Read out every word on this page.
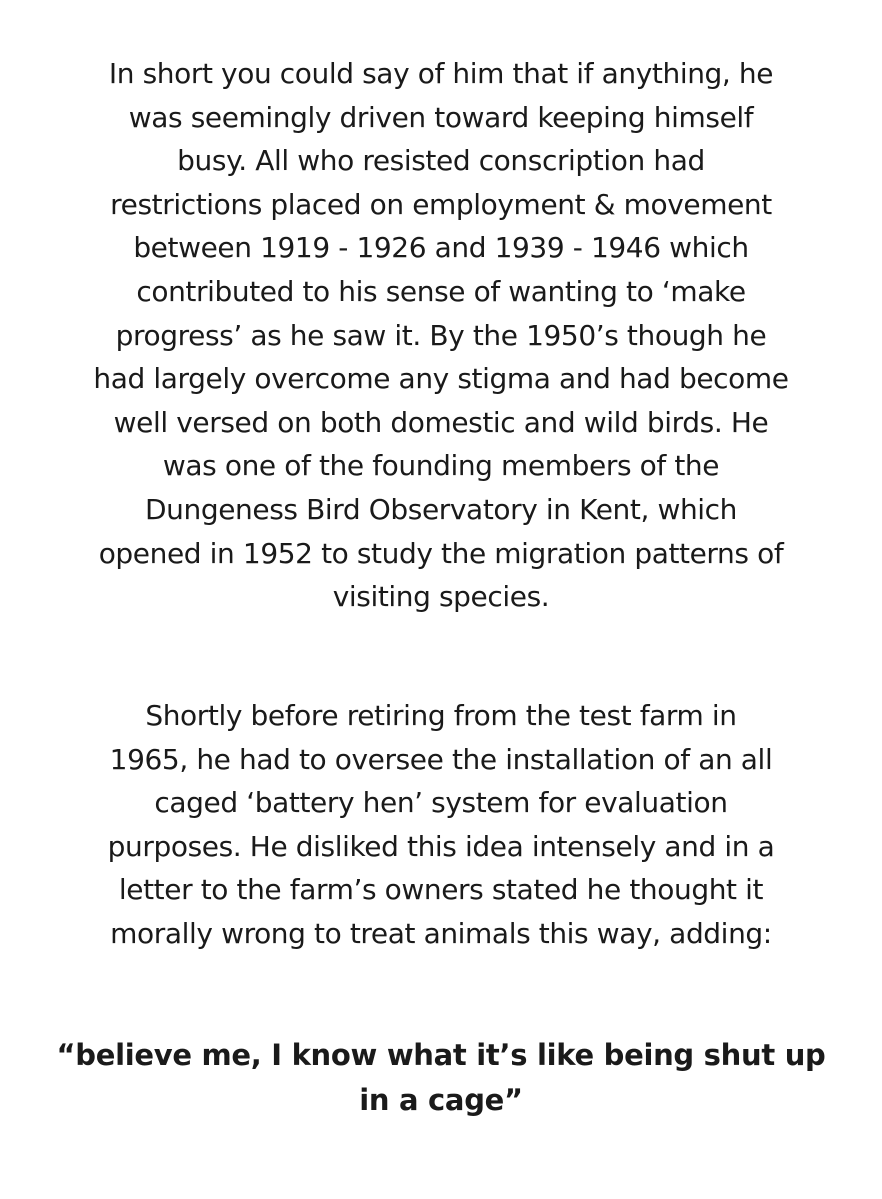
In short you could say of him that if anything, he
was seemingly driven toward keeping himself
busy. All who resisted conscription had
restrictions placed on employment & movement
between 1919 - 1926 and 1939 - 1946 which
contributed to his sense of wanting to ‘make
progress’ as he saw it. By the 1950’s though he
had largely overcome any stigma and had become
well versed on both domestic and wild birds. He
was one of the founding members of the
Dungeness Bird Observatory in Kent, which
opened in 1952 to study the migration patterns of
visiting species.

Shortly before retiring from the test farm in
1965, he had to oversee the installation of an all
caged ‘battery hen’ system for evaluation
purposes. He disliked this idea intensely and in a
letter to the farm’s owners stated he thought it
morally wrong to treat animals this way, adding:

“believe me, I know what it’s like being shut up
in a cage”
